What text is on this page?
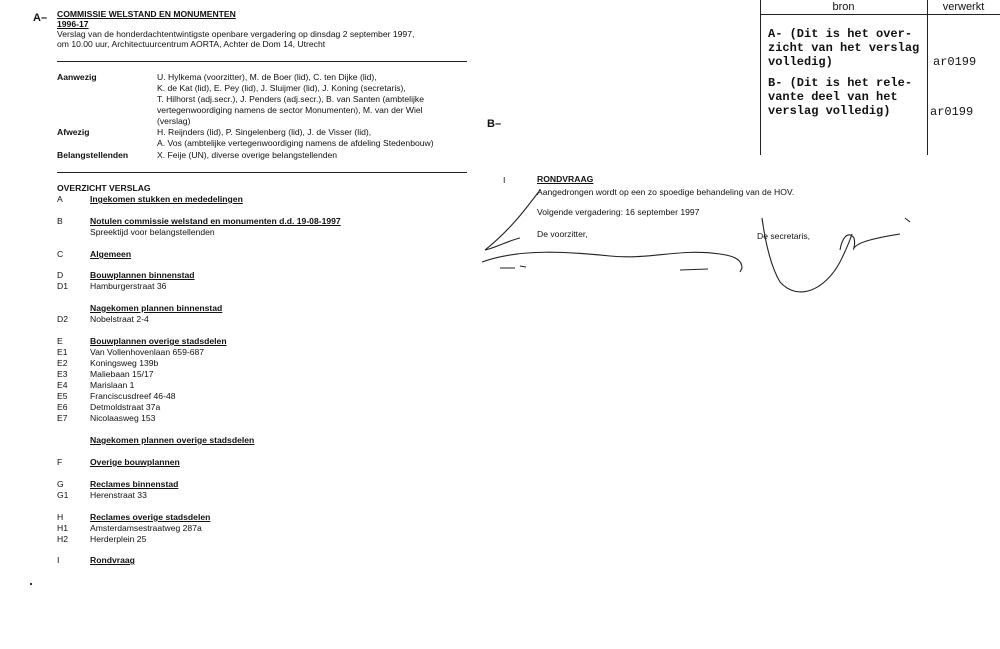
A– COMMISSIE WELSTAND EN MONUMENTEN
1996-17
Verslag van de honderdachtentwintigste openbare vergadering op dinsdag 2 september 1997,
om 10.00 uur, Architectuurcentrum AORTA, Achter de Dom 14, Utrecht
Aanwezig	U. Hylkema (voorzitter), M. de Boer (lid), C. ten Dijke (lid),
K. de Kat (lid), E. Pey (lid), J. Sluijmer (lid), J. Koning (secretaris),
T. Hilhorst (adj.secr.), J. Penders (adj.secr.), B. van Santen (ambtelijke
vertegenwoordiging namens de sector Monumenten), M. van der Wiel
(verslag)
Afwezig	H. Reijnders (lid), P. Singelenberg (lid), J. de Visser (lid),
A. Vos (ambtelijke vertegenwoordiging namens de afdeling Stedenbouw)
Belangstellenden	X. Feije (UN), diverse overige belangstellenden
OVERZICHT VERSLAG
A	Ingekomen stukken en mededelingen
B	Notulen commissie welstand en monumenten d.d. 19-08-1997
Spreektijd voor belangstellenden
C	Algemeen
D	Bouwplannen binnenstad
D1	Hamburgerstraat 36
Nagekomen plannen binnenstad
D2	Nobelstraat 2-4
E	Bouwplannen overige stadsdelen
E1	Van Vollenhovenlaan 659-687
E2	Koningsweg 139b
E3	Maliebaan 15/17
E4	Marislaan 1
E5	Franciscusdreef 46-48
E6	Detmoldstraat 37a
E7	Nicolaasweg 153
Nagekomen plannen overige stadsdelen
F	Overige bouwplannen
G	Reclames binnenstad
G1	Herenstraat 33
H	Reclames overige stadsdelen
H1	Amsterdamsestraatweg 287a
H2	Herderplein 25
I	Rondvraag
B–
I	RONDVRAAG
Aangedrongen wordt op een zo spoedige behandeling van de HOV.
Volgende vergadering: 16 september 1997
De voorzitter,	De secretaris,
bron	verwerkt
A- (Dit is het over-
zicht van het verslag
volledig)	ar0199
B- (Dit is het rele-
vante deel van het
verslag volledig)	ar0199
